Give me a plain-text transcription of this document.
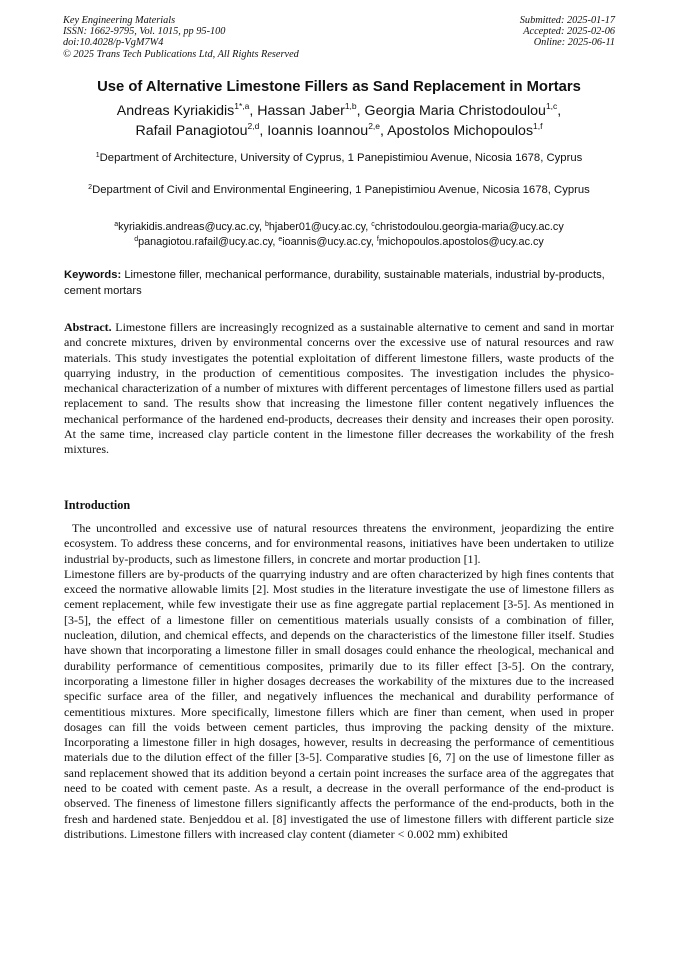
Key Engineering Materials
ISSN: 1662-9795, Vol. 1015, pp 95-100
doi:10.4028/p-VgM7W4
© 2025 Trans Tech Publications Ltd, All Rights Reserved
Submitted: 2025-01-17
Accepted: 2025-02-06
Online: 2025-06-11
Use of Alternative Limestone Fillers as Sand Replacement in Mortars
Andreas Kyriakidis$^{1*,a}$, Hassan Jaber$^{1,b}$, Georgia Maria Christodoulou$^{1,c}$,
Rafail Panagiotou$^{2,d}$, Ioannis Ioannou$^{2,e}$, Apostolos Michopoulos$^{1,f}$
$^1$Department of Architecture, University of Cyprus, 1 Panepistimiou Avenue, Nicosia 1678, Cyprus
$^2$Department of Civil and Environmental Engineering, 1 Panepistimiou Avenue, Nicosia 1678, Cyprus
$^a$kyriakidis.andreas@ucy.ac.cy, $^b$hjaber01@ucy.ac.cy, $^c$christodoulou.georgia-maria@ucy.ac.cy
$^d$panagiotou.rafail@ucy.ac.cy, $^e$ioannis@ucy.ac.cy, $^f$michopoulos.apostolos@ucy.ac.cy
Keywords: Limestone filler, mechanical performance, durability, sustainable materials, industrial by-products, cement mortars

Abstract. Limestone fillers are increasingly recognized as a sustainable alternative to cement and sand in mortar and concrete mixtures, driven by environmental concerns over the excessive use of natural resources and raw materials. This study investigates the potential exploitation of different limestone fillers, waste products of the quarrying industry, in the production of cementitious composites. The investigation includes the physico-mechanical characterization of a number of mixtures with different percentages of limestone fillers used as partial replacement to sand. The results show that increasing the limestone filler content negatively influences the mechanical performance of the hardened end-products, decreases their density and increases their open porosity. At the same time, increased clay particle content in the limestone filler decreases the workability of the fresh mixtures.

Introduction

The uncontrolled and excessive use of natural resources threatens the environment, jeopardizing the entire ecosystem. To address these concerns, and for environmental reasons, initiatives have been undertaken to utilize industrial by-products, such as limestone fillers, in concrete and mortar production [1].

Limestone fillers are by-products of the quarrying industry and are often characterized by high fines contents that exceed the normative allowable limits [2]. Most studies in the literature investigate the use of limestone fillers as cement replacement, while few investigate their use as fine aggregate partial replacement [3-5]. As mentioned in [3-5], the effect of a limestone filler on cementitious materials usually consists of a combination of filler, nucleation, dilution, and chemical effects, and depends on the characteristics of the limestone filler itself. Studies have shown that incorporating a limestone filler in small dosages could enhance the rheological, mechanical and durability performance of cementitious composites, primarily due to its filler effect [3-5]. On the contrary, incorporating a limestone filler in higher dosages decreases the workability of the mixtures due to the increased specific surface area of the filler, and negatively influences the mechanical and durability performance of cementitious mixtures. More specifically, limestone fillers which are finer than cement, when used in proper dosages can fill the voids between cement particles, thus improving the packing density of the mixture. Incorporating a limestone filler in high dosages, however, results in decreasing the performance of cementitious materials due to the dilution effect of the filler [3-5]. Comparative studies [6, 7] on the use of limestone filler as sand replacement showed that its addition beyond a certain point increases the surface area of the aggregates that need to be coated with cement paste. As a result, a decrease in the overall performance of the end-product is observed. The fineness of limestone fillers significantly affects the performance of the end-products, both in the fresh and hardened state. Benjeddou et al. [8] investigated the use of limestone fillers with different particle size distributions. Limestone fillers with increased clay content (diameter < 0.002 mm) exhibited
